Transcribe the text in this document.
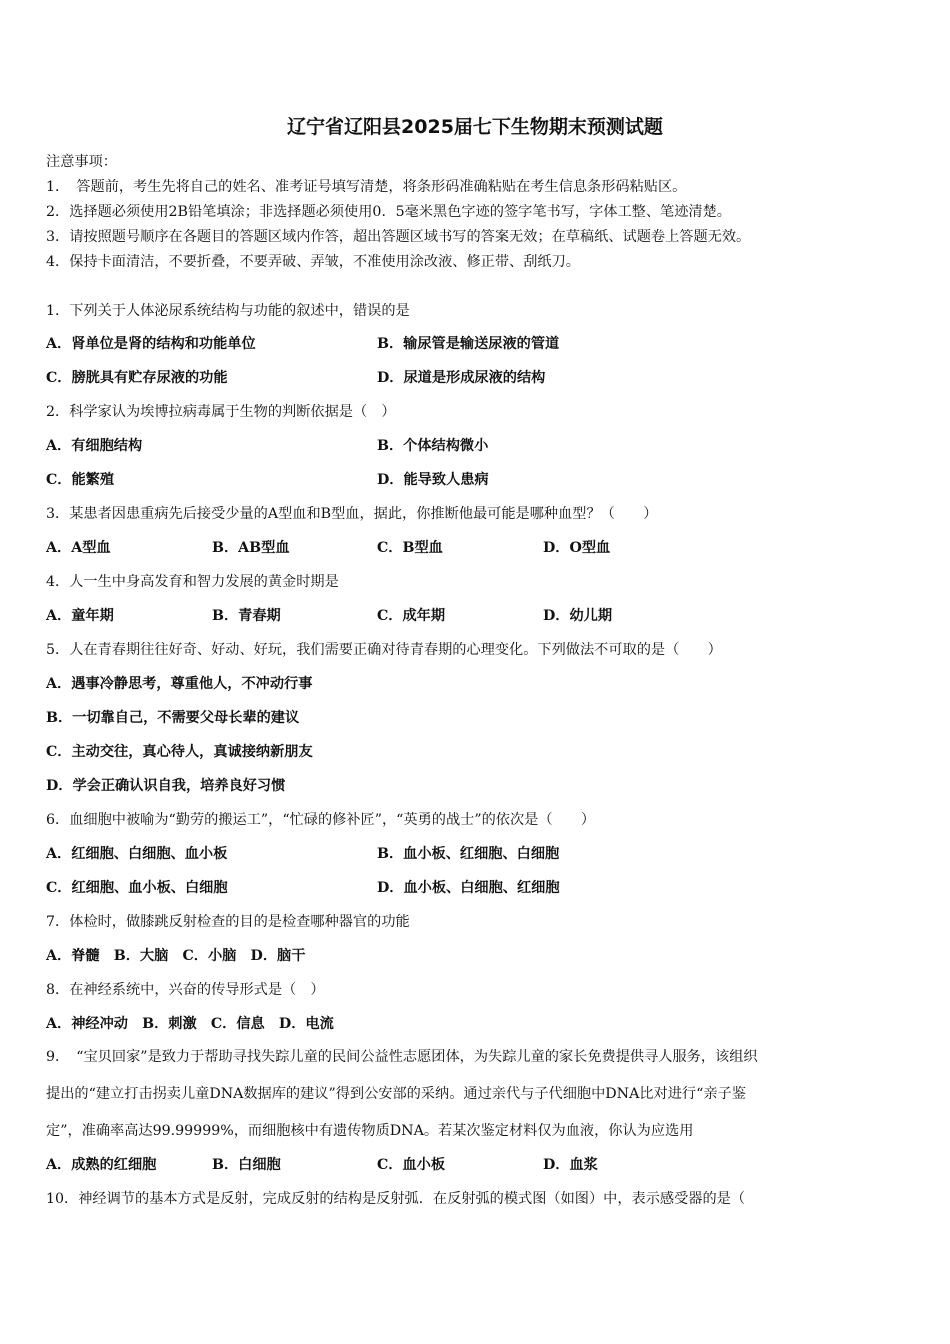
辽宁省辽阳县2025届七下生物期末预测试题
注意事项：
1．　答题前，考生先将自己的姓名、准考证号填写清楚，将条形码准确粘贴在考生信息条形码粘贴区。
2．选择题必须使用2B铅笔填涂；非选择题必须使用0．5毫米黑色字迹的签字笔书写，字体工整、笔迹清楚。
3．请按照题号顺序在各题目的答题区域内作答，超出答题区域书写的答案无效；在草稿纸、试题卷上答题无效。
4．保持卡面清洁，不要折叠，不要弄破、弄皱，不准使用涂改液、修正带、刮纸刀。
1．下列关于人体泌尿系统结构与功能的叙述中，错误的是
A．肾单位是肾的结构和功能单位	B．输尿管是输送尿液的管道
C．膀胱具有贮存尿液的功能	D．尿道是形成尿液的结构
2．科学家认为埃博拉病毒属于生物的判断依据是（　）
A．有细胞结构	B．个体结构微小
C．能繁殖	D．能导致人患病
3．某患者因患重病先后接受少量的A型血和B型血，据此，你推断他最可能是哪种血型？（　　）
A．A型血	B．AB型血	C．B型血	D．O型血
4．人一生中身高发育和智力发展的黄金时期是
A．童年期	B．青春期	C．成年期	D．幼儿期
5．人在青春期往往好奇、好动、好玩，我们需要正确对待青春期的心理变化。下列做法不可取的是（　　）
A．遇事冷静思考，尊重他人，不冲动行事
B．一切靠自己，不需要父母长辈的建议
C．主动交往，真心待人，真诚接纳新朋友
D．学会正确认识自我，培养良好习惯
6．血细胞中被喻为“勤劳的搬运工”，“忙碌的修补匠”，“英勇的战士”的依次是（　　）
A．红细胞、白细胞、血小板	B．血小板、红细胞、白细胞
C．红细胞、血小板、白细胞	D．血小板、白细胞、红细胞
7．体检时，做膝跳反射检查的目的是检查哪种器官的功能
A．脊髓　B．大脑　C．小脑　D．脑干
8．在神经系统中，兴奋的传导形式是（　）
A．神经冲动　B．刺激　C．信息　D．电流
9．　“宝贝回家”是致力于帮助寻找失踪儿童的民间公益性志愿团体，为失踪儿童的家长免费提供寻人服务，该组织
提出的“建立打击拐卖儿童DNA数据库的建议”得到公安部的采纳。通过亲代与子代细胞中DNA比对进行“亲子鉴
定”，准确率高达99.99999%，而细胞核中有遗传物质DNA。若某次鉴定材料仅为血液，你认为应选用
A．成熟的红细胞	B．白细胞	C．血小板	D．血浆
10．神经调节的基本方式是反射，完成反射的结构是反射弧．在反射弧的模式图（如图）中，表示感受器的是（
